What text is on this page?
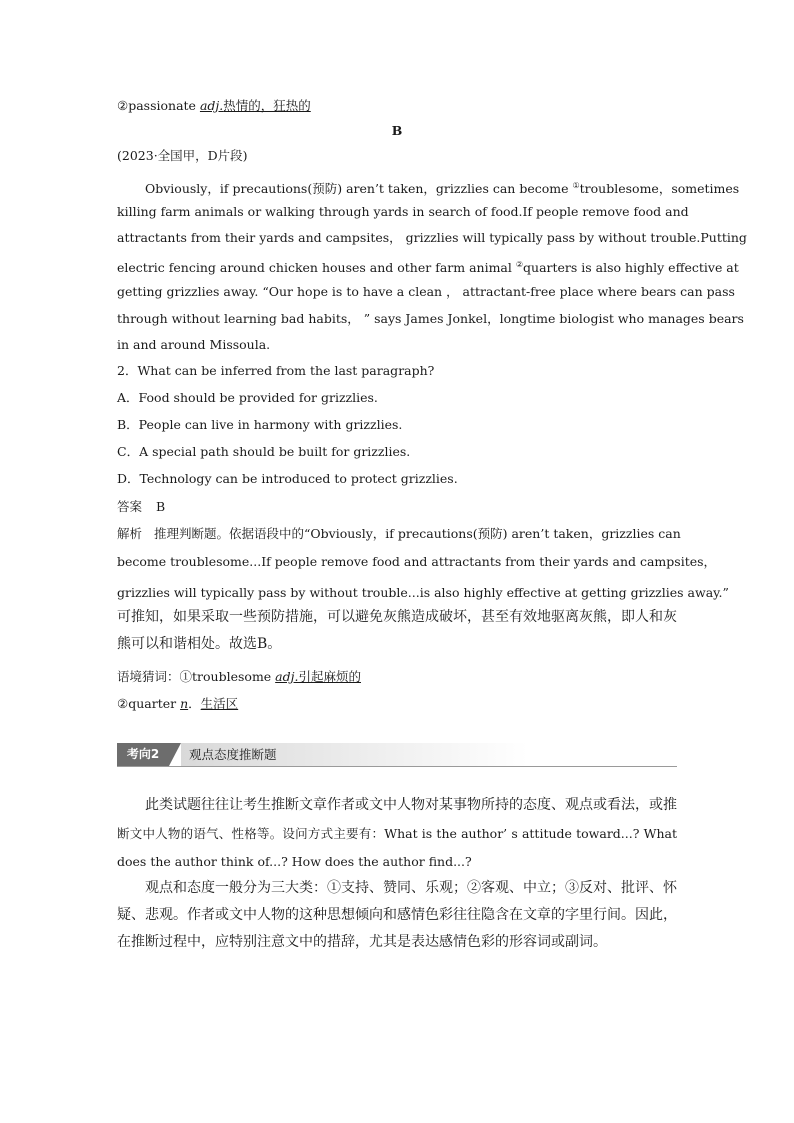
②passionate adj.热情的，狂热的
B
(2023·全国甲，D片段)
Obviously，if precautions(预防) aren’t taken，grizzlies can become ①troublesome，sometimes
killing farm animals or walking through yards in search of food.If people remove food and
attractants from their yards and campsites， grizzlies will typically pass by without trouble.Putting
electric fencing around chicken houses and other farm animal ②quarters is also highly effective at
getting grizzlies away. “Our hope is to have a clean ， attractant-free place where bears can pass
through without learning bad habits， ” says James Jonkel，longtime biologist who manages bears
in and around Missoula.
2．What can be inferred from the last paragraph?
A．Food should be provided for grizzlies.
B．People can live in harmony with grizzlies.
C．A special path should be built for grizzlies.
D．Technology can be introduced to protect grizzlies.
答案 B
解析 推理判断题。依据语段中的“Obviously，if precautions(预防) aren’t taken，grizzlies can
become troublesome...If people remove food and attractants from their yards and campsites，
grizzlies will typically pass by without trouble...is also highly effective at getting grizzlies away.”
可推知，如果采取一些预防措施，可以避免灰熊造成破坏，甚至有效地驱离灰熊，即人和灰
熊可以和谐相处。故选B。
语境猜词：①troublesome adj.引起麻烦的
②quarter n．生活区
考向2	观点态度推断题
此类试题往往让考生推断文章作者或文中人物对某事物所持的态度、观点或看法，或推
断文中人物的语气、性格等。设问方式主要有：What is the author’ s attitude toward...? What
does the author think of...? How does the author find...?
观点和态度一般分为三大类：①支持、赞同、乐观；②客观、中立；③反对、批评、怀
疑、悲观。作者或文中人物的这种思想倾向和感情色彩往往隐含在文章的字里行间。因此，
在推断过程中，应特别注意文中的措辞，尤其是表达感情色彩的形容词或副词。
